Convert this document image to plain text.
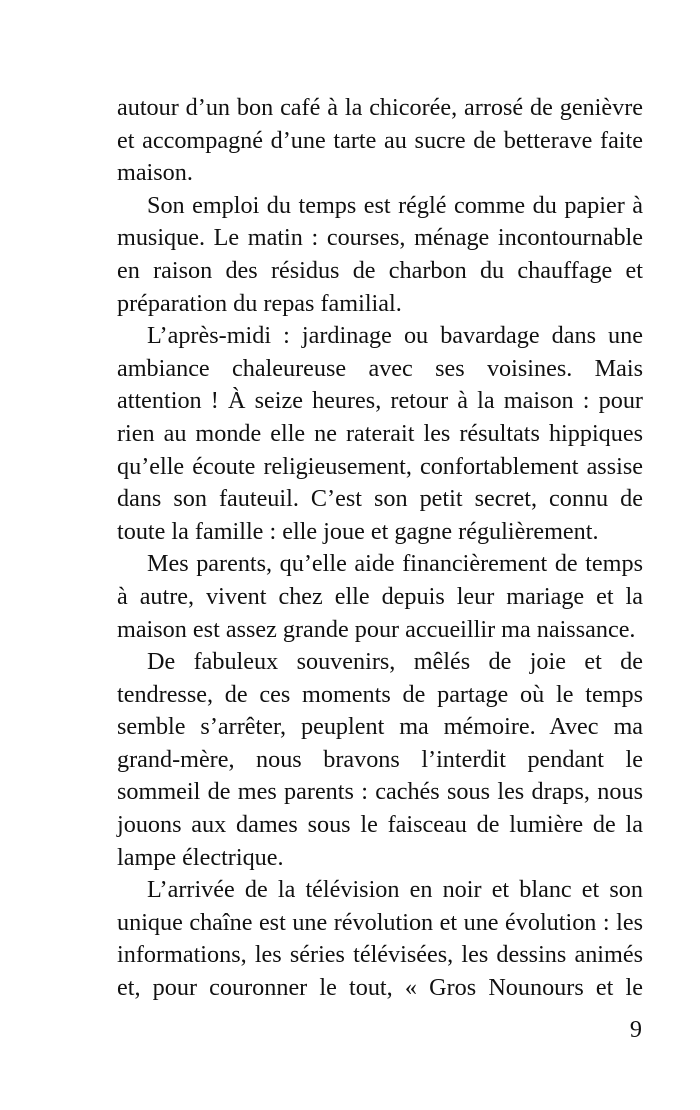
autour d’un bon café à la chicorée, arrosé de genièvre et accompagné d’une tarte au sucre de betterave faite maison.

Son emploi du temps est réglé comme du papier à musique. Le matin : courses, ménage incontournable en raison des résidus de charbon du chauffage et préparation du repas familial.

L’après-midi : jardinage ou bavardage dans une ambiance chaleureuse avec ses voisines. Mais attention ! À seize heures, retour à la maison : pour rien au monde elle ne raterait les résultats hippiques qu’elle écoute religieusement, confortablement assise dans son fauteuil. C’est son petit secret, connu de toute la famille : elle joue et gagne régulièrement.

Mes parents, qu’elle aide financièrement de temps à autre, vivent chez elle depuis leur mariage et la maison est assez grande pour accueillir ma naissance.

De fabuleux souvenirs, mêlés de joie et de tendresse, de ces moments de partage où le temps semble s’arrêter, peuplent ma mémoire. Avec ma grand-mère, nous bravons l’interdit pendant le sommeil de mes parents : cachés sous les draps, nous jouons aux dames sous le faisceau de lumière de la lampe électrique.

L’arrivée de la télévision en noir et blanc et son unique chaîne est une révolution et une évolution : les informations, les séries télévisées, les dessins animés et, pour couronner le tout, « Gros Nounours et le

9
